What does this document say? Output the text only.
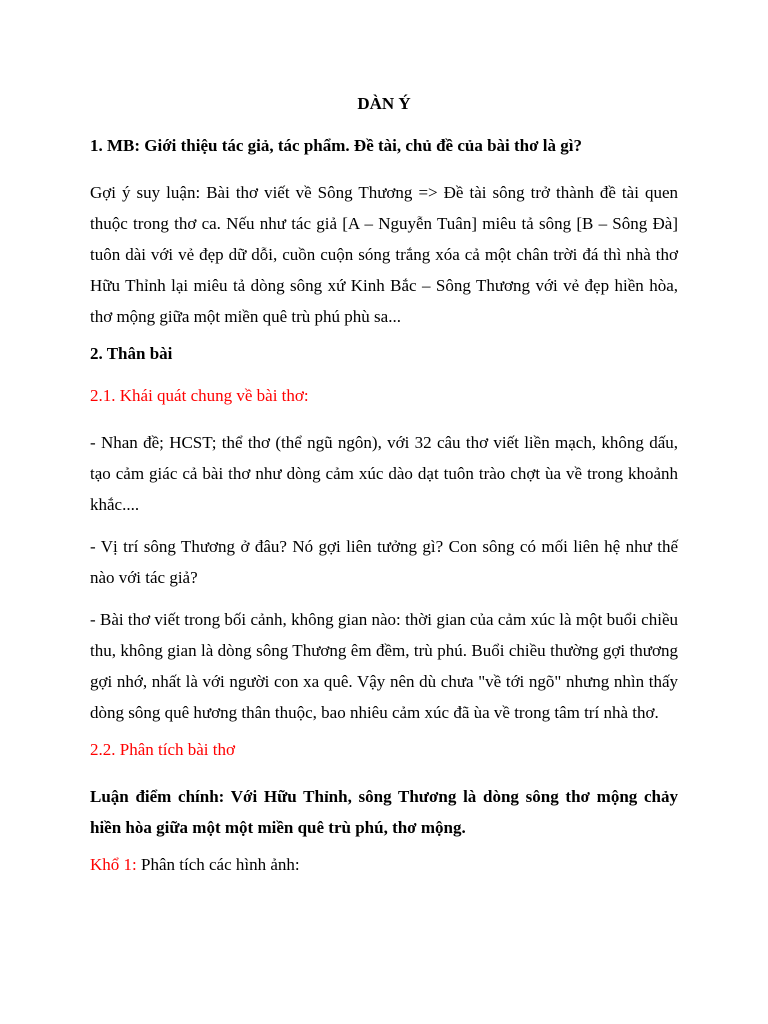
DÀN Ý
1. MB: Giới thiệu tác giả, tác phẩm. Đề tài, chủ đề của bài thơ là gì?
Gợi ý suy luận: Bài thơ viết về Sông Thương => Đề tài sông trở thành đề tài quen thuộc trong thơ ca. Nếu như tác giả [A – Nguyễn Tuân] miêu tả sông [B – Sông Đà] tuôn dài với vẻ đẹp dữ dỗi, cuồn cuộn sóng trắng xóa cả một chân trời đá thì nhà thơ Hữu Thỉnh lại miêu tả dòng sông xứ Kinh Bắc – Sông Thương với vẻ đẹp hiền hòa, thơ mộng giữa một miền quê trù phú phù sa...
2. Thân bài
2.1. Khái quát chung về bài thơ:
- Nhan đề; HCST; thể thơ (thể ngũ ngôn), với 32 câu thơ viết liền mạch, không dấu, tạo cảm giác cả bài thơ như dòng cảm xúc dào dạt tuôn trào chợt ùa về trong khoảnh khắc....
- Vị trí sông Thương ở đâu? Nó gợi liên tưởng gì? Con sông có mối liên hệ như thế nào với tác giả?
- Bài thơ viết trong bối cảnh, không gian nào: thời gian của cảm xúc là một buổi chiều thu, không gian là dòng sông Thương êm đềm, trù phú. Buổi chiều thường gợi thương gợi nhớ, nhất là với người con xa quê. Vậy nên dù chưa "về tới ngõ" nhưng nhìn thấy dòng sông quê hương thân thuộc, bao nhiêu cảm xúc đã ùa về trong tâm trí nhà thơ.
2.2. Phân tích bài thơ
Luận điểm chính: Với Hữu Thỉnh, sông Thương là dòng sông thơ mộng chảy hiền hòa giữa một một miền quê trù phú, thơ mộng.
Khổ 1: Phân tích các hình ảnh:
